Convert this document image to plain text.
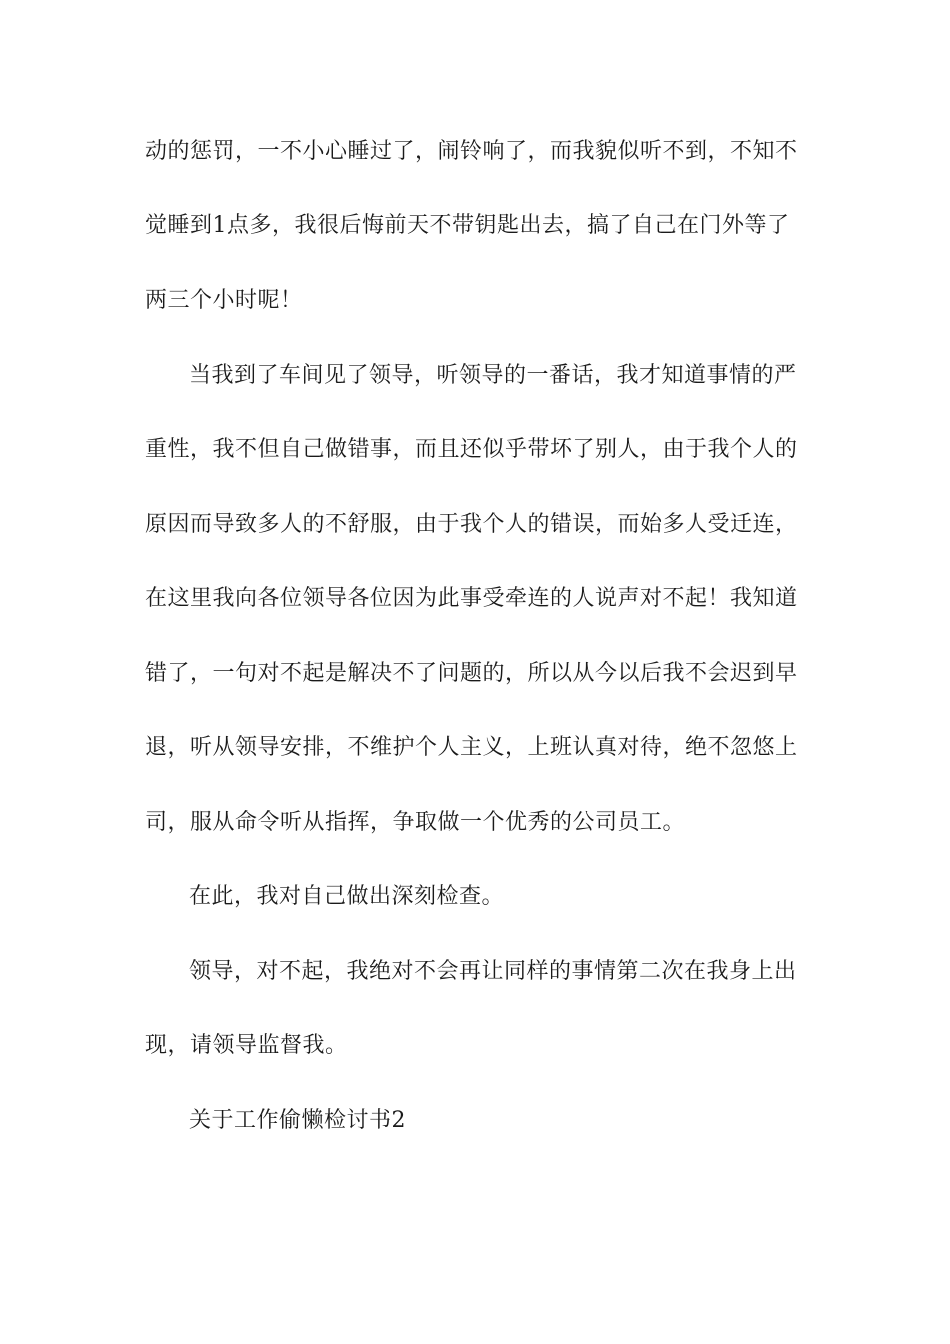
动的惩罚，一不小心睡过了，闹铃响了，而我貌似听不到，不知不
觉睡到1点多，我很后悔前天不带钥匙出去，搞了自己在门外等了
两三个小时呢！
当我到了车间见了领导，听领导的一番话，我才知道事情的严
重性，我不但自己做错事，而且还似乎带坏了别人，由于我个人的
原因而导致多人的不舒服，由于我个人的错误，而始多人受迁连，
在这里我向各位领导各位因为此事受牵连的人说声对不起！我知道
错了，一句对不起是解决不了问题的，所以从今以后我不会迟到早
退，听从领导安排，不维护个人主义，上班认真对待，绝不忽悠上
司，服从命令听从指挥，争取做一个优秀的公司员工。
在此，我对自己做出深刻检查。
领导，对不起，我绝对不会再让同样的事情第二次在我身上出
现，请领导监督我。
关于工作偷懒检讨书2
